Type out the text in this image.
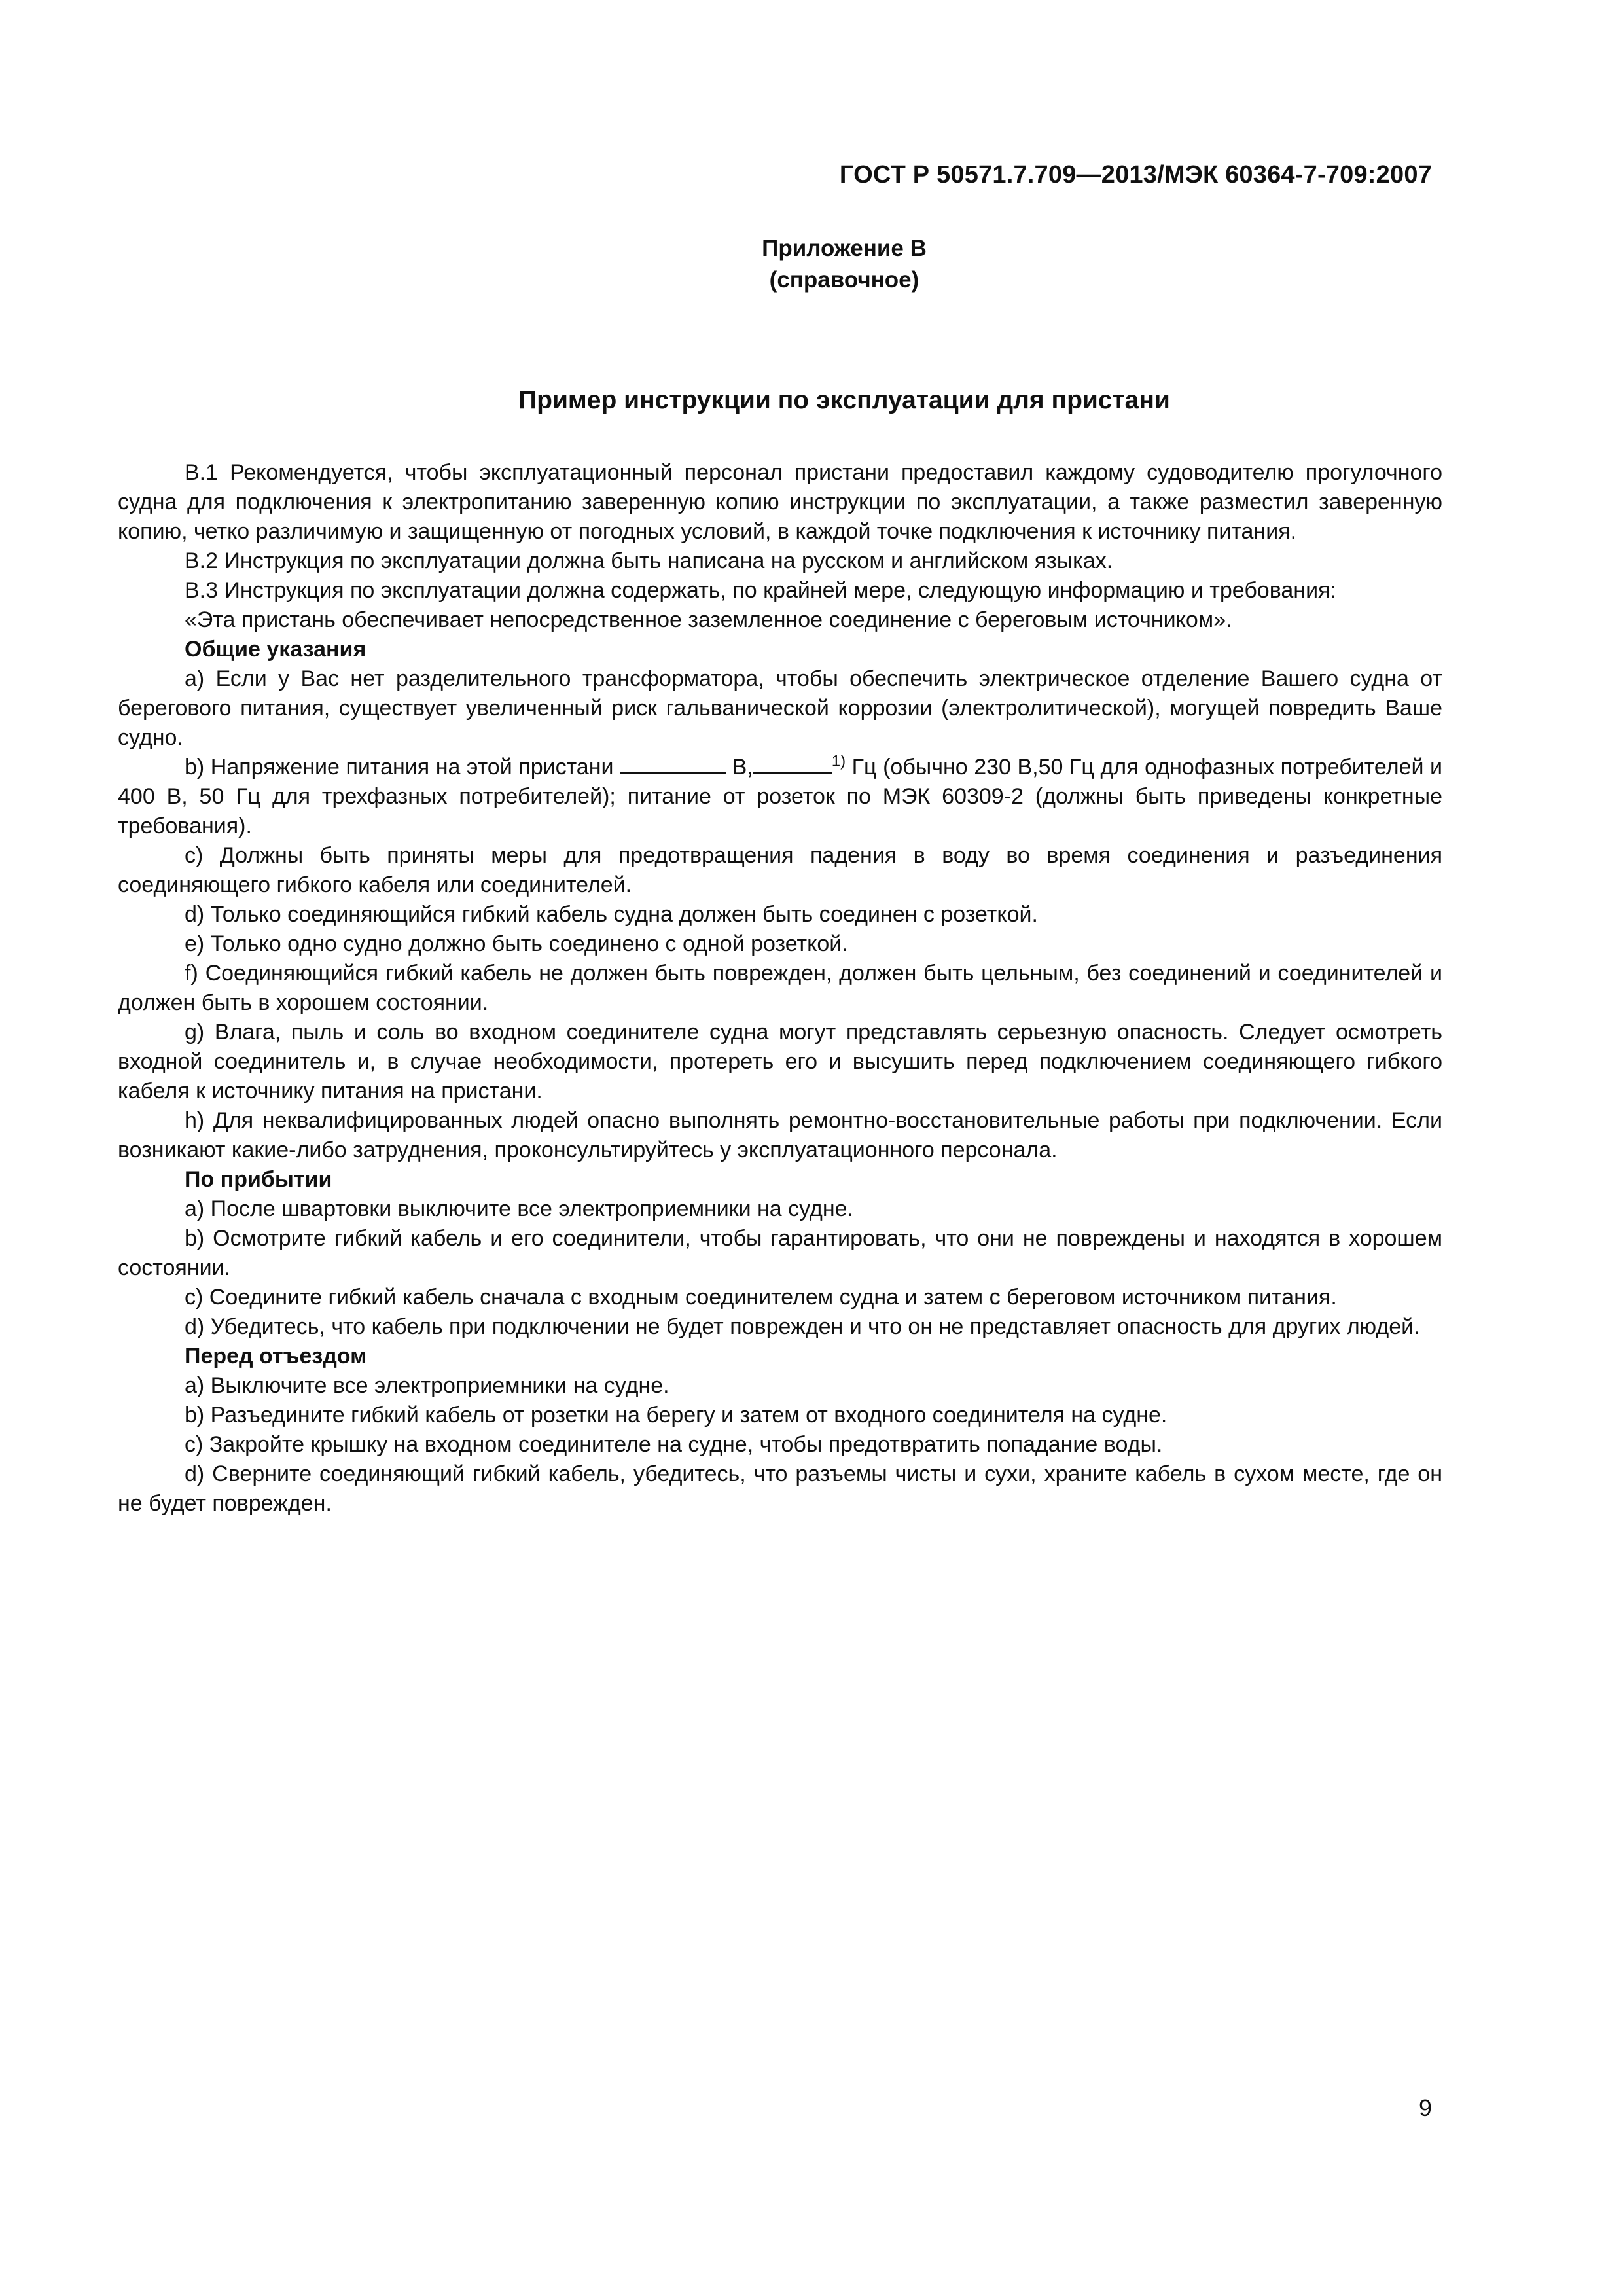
ГОСТ Р 50571.7.709—2013/МЭК 60364-7-709:2007
Приложение В
(справочное)
Пример инструкции по эксплуатации для пристани

В.1 Рекомендуется, чтобы эксплуатационный персонал пристани предоставил каждому судоводителю прогулочного судна для подключения к электропитанию заверенную копию инструкции по эксплуатации, а также разместил заверенную копию, четко различимую и защищенную от погодных условий, в каждой точке подключения к источнику питания.

В.2 Инструкция по эксплуатации должна быть написана на русском и английском языках.

В.3 Инструкция по эксплуатации должна содержать, по крайней мере, следующую информацию и требования:

«Эта пристань обеспечивает непосредственное заземленное соединение с береговым источником».

Общие указания

a) Если у Вас нет разделительного трансформатора, чтобы обеспечить электрическое отделение Вашего судна от берегового питания, существует увеличенный риск гальванической коррозии (электролитической), могущей повредить Ваше судно.

b) Напряжение питания на этой пристани	В,	$^{1)}$ Гц (обычно 230 В,50 Гц для однофазных потребителей и 400 В, 50 Гц для трехфазных потребителей); питание от розеток по МЭК 60309-2 (должны быть приведены конкретные требования).

c) Должны быть приняты меры для предотвращения падения в воду во время соединения и разъединения соединяющего гибкого кабеля или соединителей.

d) Только соединяющийся гибкий кабель судна должен быть соединен с розеткой.

e) Только одно судно должно быть соединено с одной розеткой.

f) Соединяющийся гибкий кабель не должен быть поврежден, должен быть цельным, без соединений и соединителей и должен быть в хорошем состоянии.

g) Влага, пыль и соль во входном соединителе судна могут представлять серьезную опасность. Следует осмотреть входной соединитель и, в случае необходимости, протереть его и высушить перед подключением соединяющего гибкого кабеля к источнику питания на пристани.

h) Для неквалифицированных людей опасно выполнять ремонтно-восстановительные работы при подключении. Если возникают какие-либо затруднения, проконсультируйтесь у эксплуатационного персонала.

По прибытии

a) После швартовки выключите все электроприемники на судне.

b) Осмотрите гибкий кабель и его соединители, чтобы гарантировать, что они не повреждены и находятся в хорошем состоянии.

c) Соедините гибкий кабель сначала с входным соединителем судна и затем с береговом источником питания.

d) Убедитесь, что кабель при подключении не будет поврежден и что он не представляет опасность для других людей.

Перед отъездом

a) Выключите все электроприемники на судне.

b) Разъедините гибкий кабель от розетки на берегу и затем от входного соединителя на судне.

c) Закройте крышку на входном соединителе на судне, чтобы предотвратить попадание воды.

d) Сверните соединяющий гибкий кабель, убедитесь, что разъемы чисты и сухи, храните кабель в сухом месте, где он не будет поврежден.

9
